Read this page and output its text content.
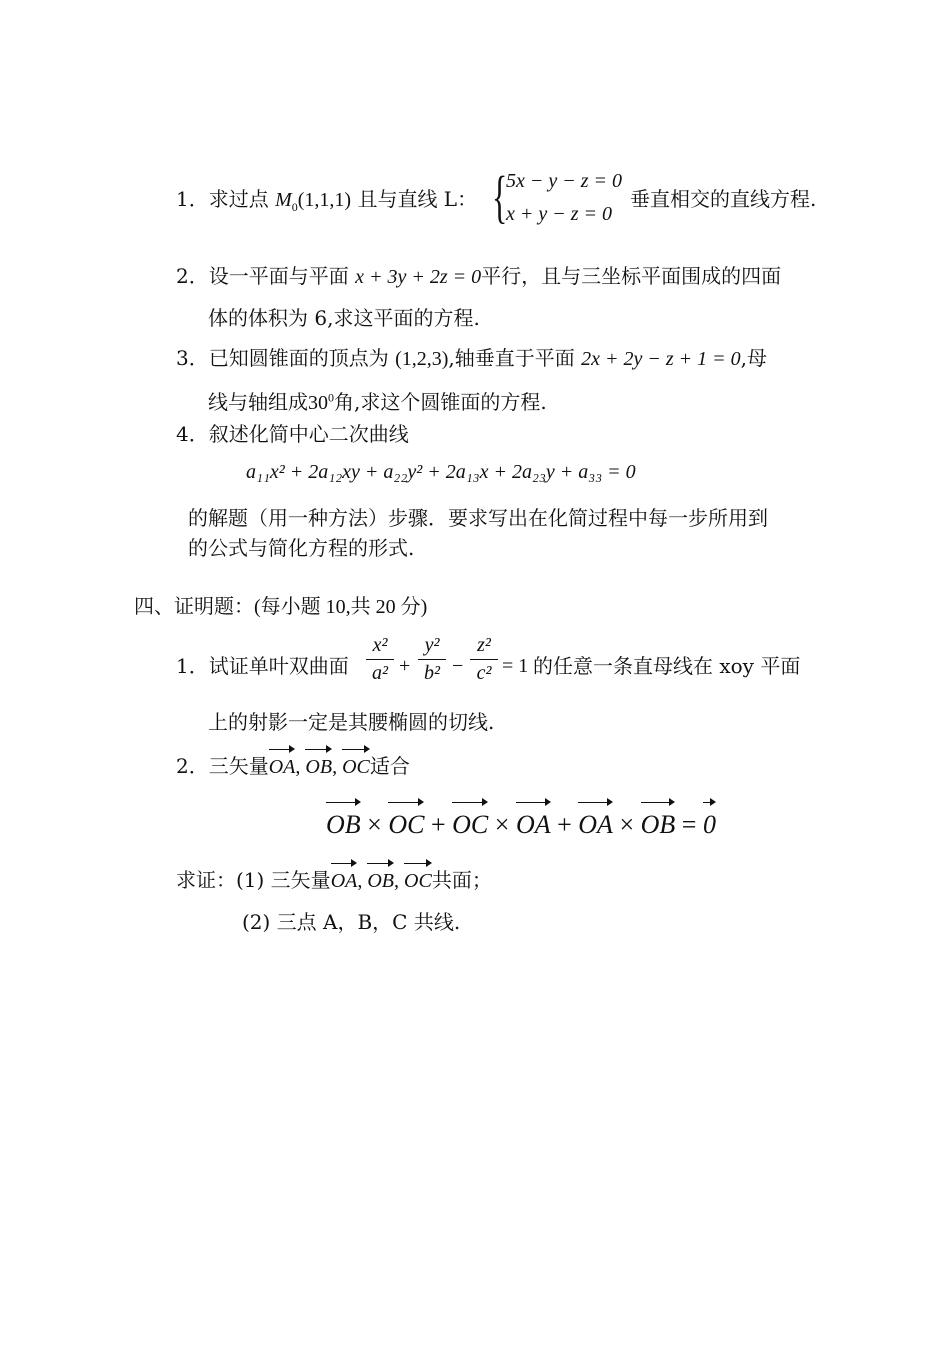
1．求过点 $M_0(1,1,1)$ 且与直线 L： {
5x − y − z = 0
x + y − z = 0
垂直相交的直线方程.
2．设一平面与平面 x + 3y + 2z = 0平行，且与三坐标平面围成的四面
体的体积为 6,求这平面的方程.
3．已知圆锥面的顶点为 (1,2,3),轴垂直于平面 2x + 2y − z + 1 = 0,母
线与轴组成$30^0$角,求这个圆锥面的方程.
4．叙述化简中心二次曲线
a₁₁x² + 2a₁₂xy + a₂₂y² + 2a₁₃x + 2a₂₃y + a₃₃ = 0
的解题（用一种方法）步骤．要求写出在化简过程中每一步所用到
的公式与简化方程的形式.
四、证明题：(每小题 10,共 20 分)
1．试证单叶双曲面
x²
a² +
y²
b² −
z²
c² = 1 的任意一条直母线在 xoy 平面
上的射影一定是其腰椭圆的切线.
2．三矢量OA, OB, OC适合
OB × OC + OC × OA + OA × OB = 0
求证：(1) 三矢量OA, OB, OC共面；
(2) 三点 A，B，C 共线.
